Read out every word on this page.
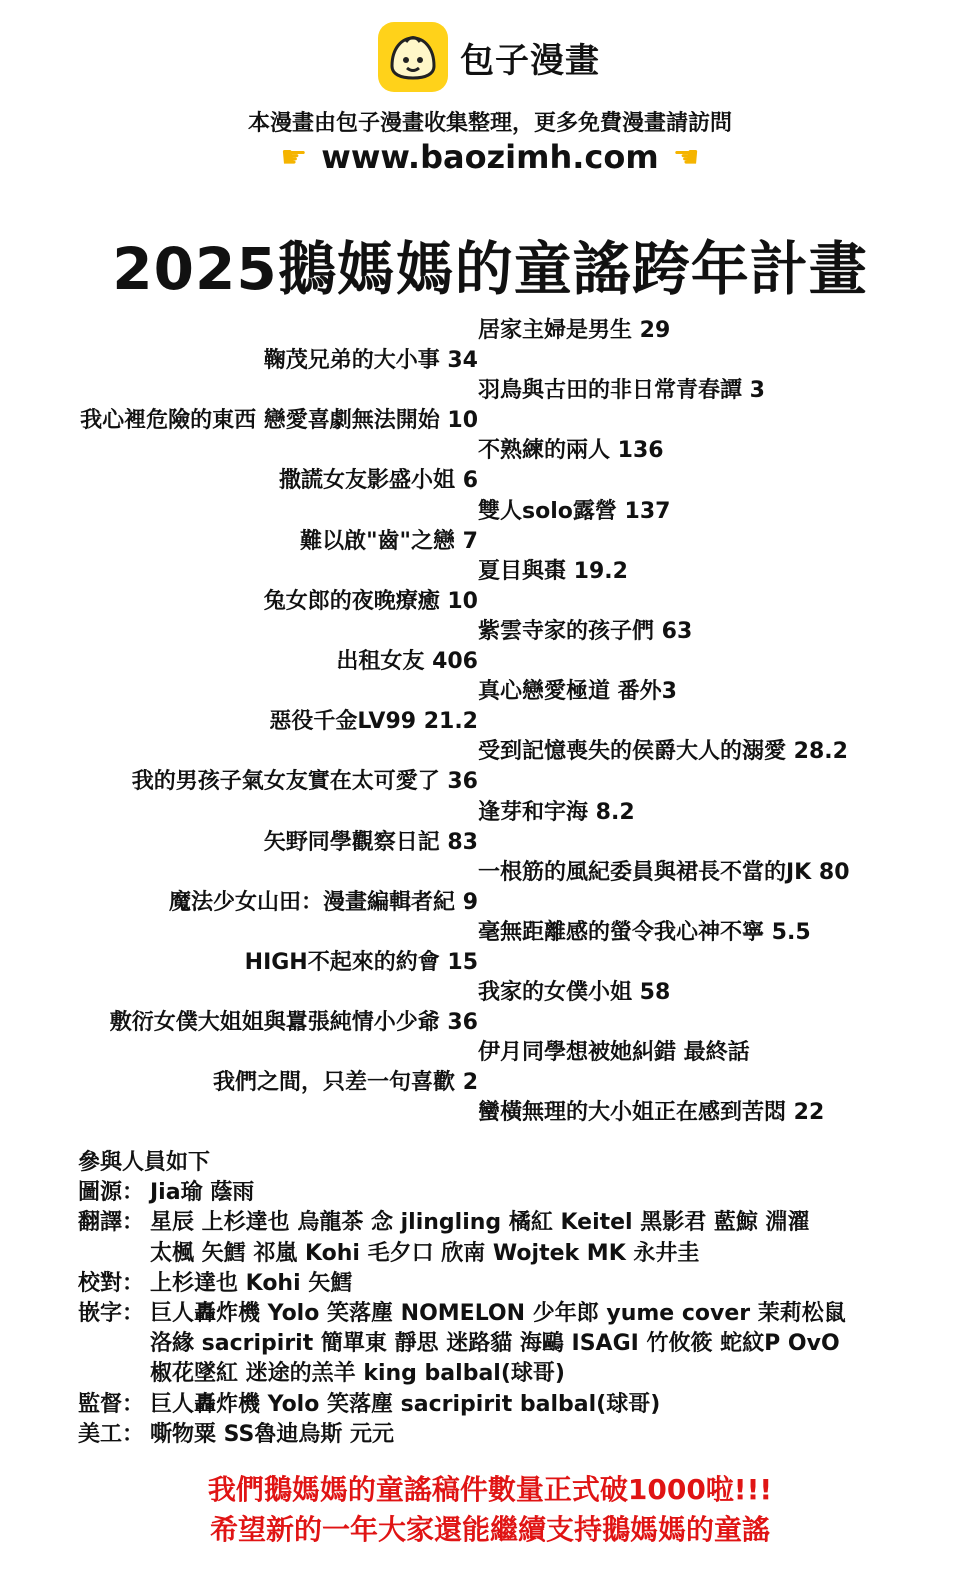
包子漫畫
本漫畫由包子漫畫收集整理，更多免費漫畫請訪問
☛ www.baozimh.com ☚
2025鵝媽媽的童謠跨年計畫
居家主婦是男生 29
鞠茂兄弟的大小事 34
羽鳥與古田的非日常青春譚 3
我心裡危險的東西 戀愛喜劇無法開始 10
不熟練的兩人 136
撒謊女友影盛小姐 6
雙人solo露營 137
難以啟"齒"之戀 7
夏目與棗 19.2
兔女郎的夜晚療癒 10
紫雲寺家的孩子們 63
出租女友 406
真心戀愛極道 番外3
惡役千金LV99 21.2
受到記憶喪失的侯爵大人的溺愛 28.2
我的男孩子氣女友實在太可愛了 36
逢芽和宇海 8.2
矢野同學觀察日記 83
一根筋的風紀委員與裙長不當的JK 80
魔法少女山田：漫畫編輯者紀 9
毫無距離感的螢令我心神不寧 5.5
HIGH不起來的約會 15
我家的女僕小姐 58
敷衍女僕大姐姐與囂張純情小少爺 36
伊月同學想被她糾錯 最終話
我們之間，只差一句喜歡 2
蠻橫無理的大小姐正在感到苦悶 22
參與人員如下
圖源： Jia瑜 蔭雨
翻譯： 星辰 上杉達也 烏龍茶 念 jlingling 橘紅 Keitel 黑影君 藍鯨 淵濯
太楓 矢鱈 祁嵐 Kohi 毛夕口 欣南 Wojtek MK 永井圭
校對： 上杉達也 Kohi 矢鱈
嵌字： 巨人轟炸機 Yolo 笑落塵 NOMELON 少年郎 yume cover 茉莉松鼠
洛緣 sacripirit 簡單東 靜思 迷路貓 海鷗 ISAGI 竹攸筱 蛇紋P OvO
椒花墜紅 迷途的羔羊 king balbal(球哥)
監督： 巨人轟炸機 Yolo 笑落塵 sacripirit balbal(球哥)
美工： 嘶物粟 SS魯迪烏斯 元元
我們鵝媽媽的童謠稿件數量正式破1000啦!!!
希望新的一年大家還能繼續支持鵝媽媽的童謠
